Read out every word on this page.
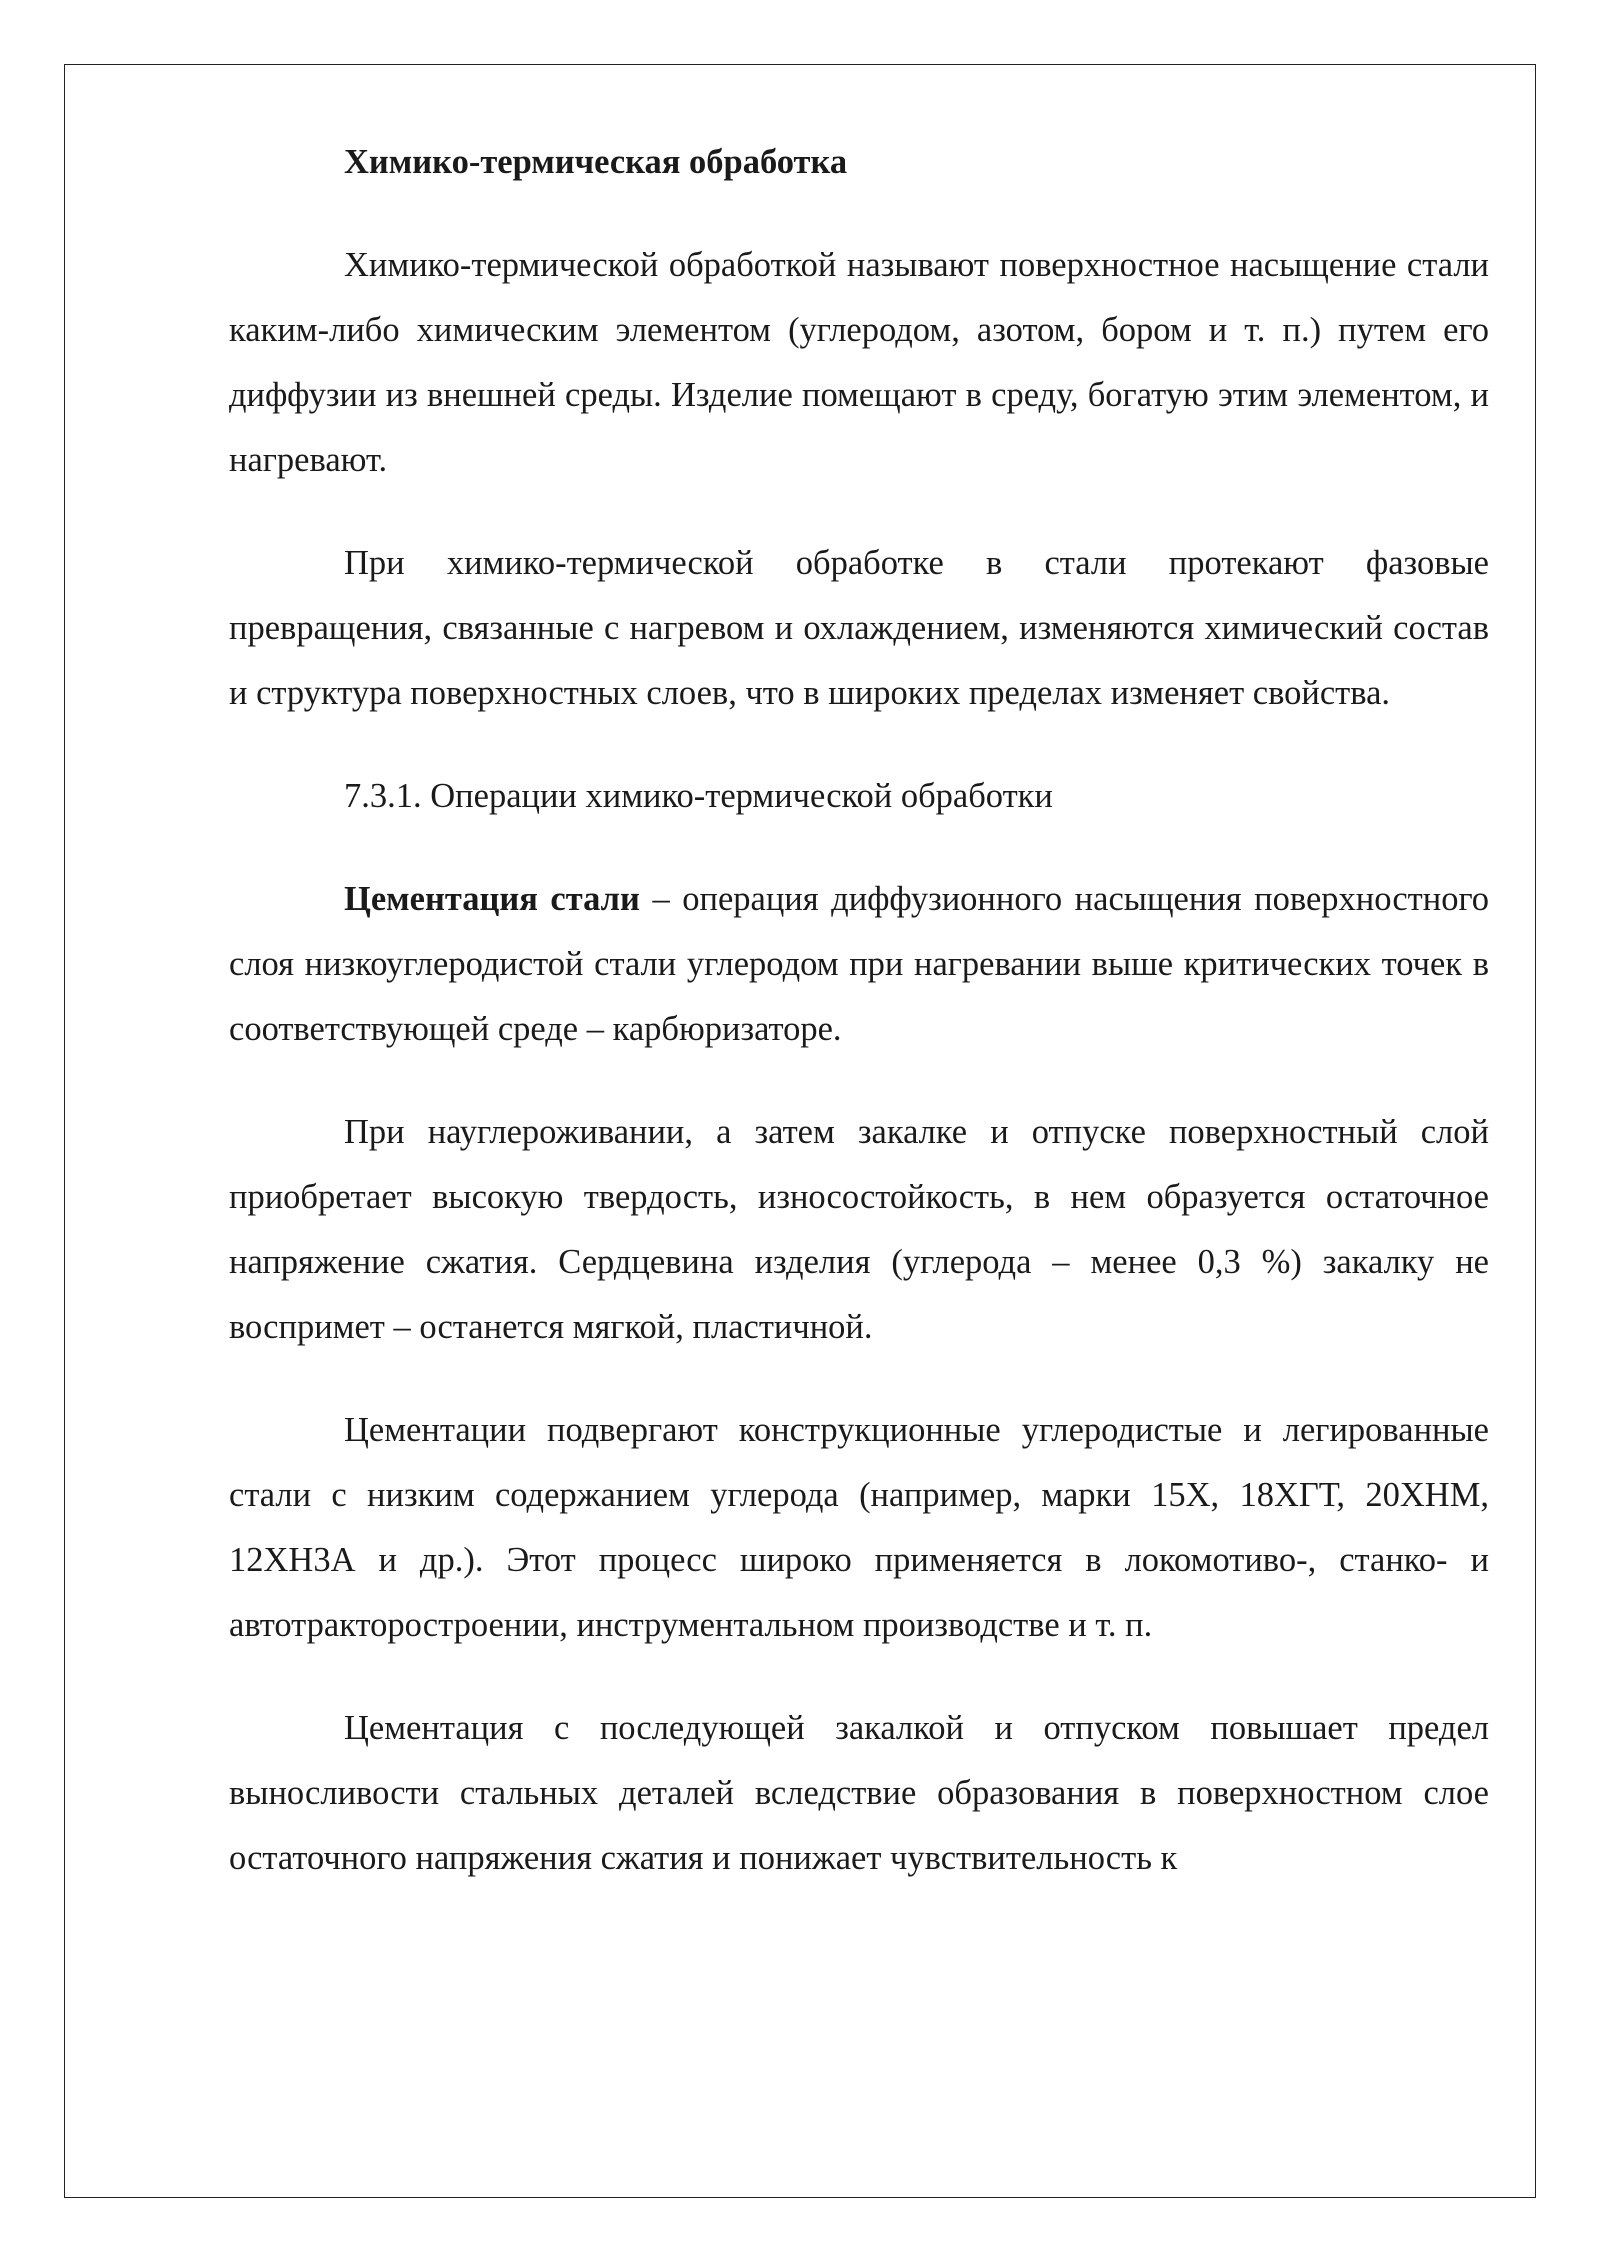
Химико-термическая обработка

Химико-термической обработкой называют поверхностное насыщение стали каким-либо химическим элементом (углеродом, азотом, бором и т. п.) путем его диффузии из внешней среды. Изделие помещают в среду, богатую этим элементом, и нагревают.

При химико-термической обработке в стали протекают фазовые превращения, связанные с нагревом и охлаждением, изменяются химический состав и структура поверхностных слоев, что в широких пределах изменяет свойства.

7.3.1. Операции химико-термической обработки

Цементация стали – операция диффузионного насыщения поверхностного слоя низкоуглеродистой стали углеродом при нагревании выше критических точек в соответствующей среде – карбюризаторе.

При науглероживании, а затем закалке и отпуске поверхностный слой приобретает высокую твердость, износостойкость, в нем образуется остаточное напряжение сжатия. Сердцевина изделия (углерода – менее 0,3 %) закалку не воспримет – останется мягкой, пластичной.

Цементации подвергают конструкционные углеродистые и легированные стали с низким содержанием углерода (например, марки 15Х, 18ХГТ, 20ХНМ, 12ХН3А и др.). Этот процесс широко применяется в локомотиво-, станко- и автотракторостроении, инструментальном производстве и т. п.

Цементация с последующей закалкой и отпуском повышает предел выносливости стальных деталей вследствие образования в поверхностном слое остаточного напряжения сжатия и понижает чувствительность к
